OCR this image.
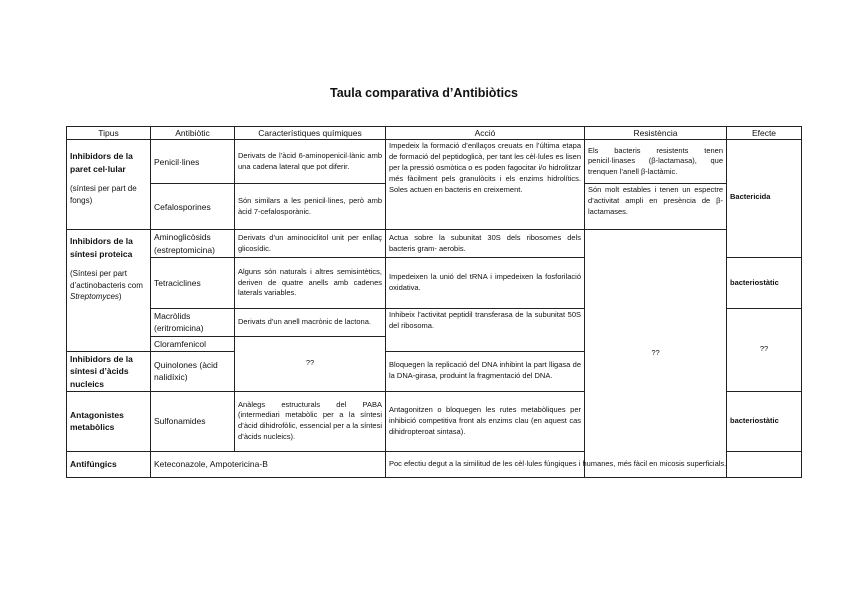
Taula comparativa d’Antibiòtics
Tipus	Antibiòtic	Característiques químiques	Acció	Resistència	Efecte

Inhibidors de la paret cel·lular
(síntesi per part de fongs)	Penicil·lines	Derivats de l’àcid 6-aminopenicil·lànic amb una cadena lateral que pot diferir.	Impedeix la formació d’enllaços creuats en l’última etapa de formació del peptidoglicà, per tant les cèl·lules es lisen per la pressió osmòtica o es poden fagocitar i/o hidrolitzar més fàcilment pels granulòcits i els enzims hidrolítics. Soles actuen en bacteris en creixement.	Els bacteris resistents tenen penicil·linases (β-lactamasa), que trenquen l’anell β-lactàmic.	Bactericida
	Cefalosporines	Són similars a les penicil·lines, però amb àcid 7-cefalosporànic.		Són molt estables i tenen un espectre d’activitat ampli en presència de β-lactamases.	

Inhibidors de la síntesi proteica
(Síntesi per part d’actinobacteris com Streptomyces)	Aminoglicòsids (estreptomicina)	Derivats d’un aminociclitol unit per enllaç glicosídic.	Actua sobre la subunitat 30S dels ribosomes dels bacteris gram- aerobis.	??	
	Tetraciclines	Alguns són naturals i altres semisintètics, deriven de quatre anells amb cadenes laterals variables.	Impedeixen la unió del tRNA i impedeixen la fosforilació oxidativa.		bacteriostàtic
	Macròlids (eritromicina)	Derivats d’un anell macrònic de lactona.	Inhibeix l’activitat peptidil transferasa de la subunitat 50S del ribosoma.		??
	Cloramfenicol	??			
Inhibidors de la síntesi d’àcids nucleics	Quinolones (àcid nalidíxic)		Bloquegen la replicació del DNA inhibint la part lligasa de la DNA-girasa, produint la fragmentació del DNA.		
Antagonistes metabòlics	Sulfonamides	Anàlegs estructurals del PABA (intermediari metabòlic per a la síntesi d’àcid dihidrofòlic, essencial per a la síntesi d’àcids nucleics).	Antagonitzen o bloquegen les rutes metabòliques per inhibició competitiva front als enzims clau (en aquest cas dihidropteroat sintasa).		bacteriostàtic
Antifúngics	Keteconazole, Ampotericina-B		Poc efectiu degut a la similitud de les cèl·lules fúngiques i humanes, més fàcil en micosis superficials.		
